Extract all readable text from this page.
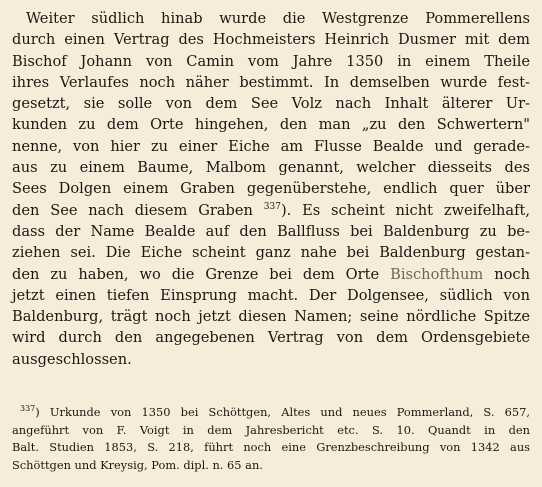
Weiter südlich hinab wurde die Westgrenze Pommerellens
durch einen Vertrag des Hochmeisters Heinrich Dusmer mit dem
Bischof Johann von Camin vom Jahre 1350 in einem Theile
ihres Verlaufes noch näher bestimmt. In demselben wurde fest-
gesetzt, sie solle von dem See Volz nach Inhalt älterer Ur-
kunden zu dem Orte hingehen, den man „zu den Schwertern"
nenne, von hier zu einer Eiche am Flusse Bealde und gerade-
aus zu einem Baume, Malbom genannt, welcher diesseits des
Sees Dolgen einem Graben gegenüberstehe, endlich quer über
den See nach diesem Graben $^{337}$). Es scheint nicht zweifelhaft,
dass der Name Bealde auf den Ballfluss bei Baldenburg zu be-
ziehen sei. Die Eiche scheint ganz nahe bei Baldenburg gestan-
den zu haben, wo die Grenze bei dem Orte Bischofthum noch
jetzt einen tiefen Einsprung macht. Der Dolgensee, südlich von
Baldenburg, trägt noch jetzt diesen Namen; seine nördliche Spitze
wird durch den angegebenen Vertrag von dem Ordensgebiete
ausgeschlossen.
$^{337}$) Urkunde von 1350 bei Schöttgen, Altes und neues Pommerland, S. 657,
angeführt von F. Voigt in dem Jahresbericht etc. S. 10. Quandt in den
Balt. Studien 1853, S. 218, führt noch eine Grenzbeschreibung von 1342 aus
Schöttgen und Kreysig, Pom. dipl. n. 65 an.
